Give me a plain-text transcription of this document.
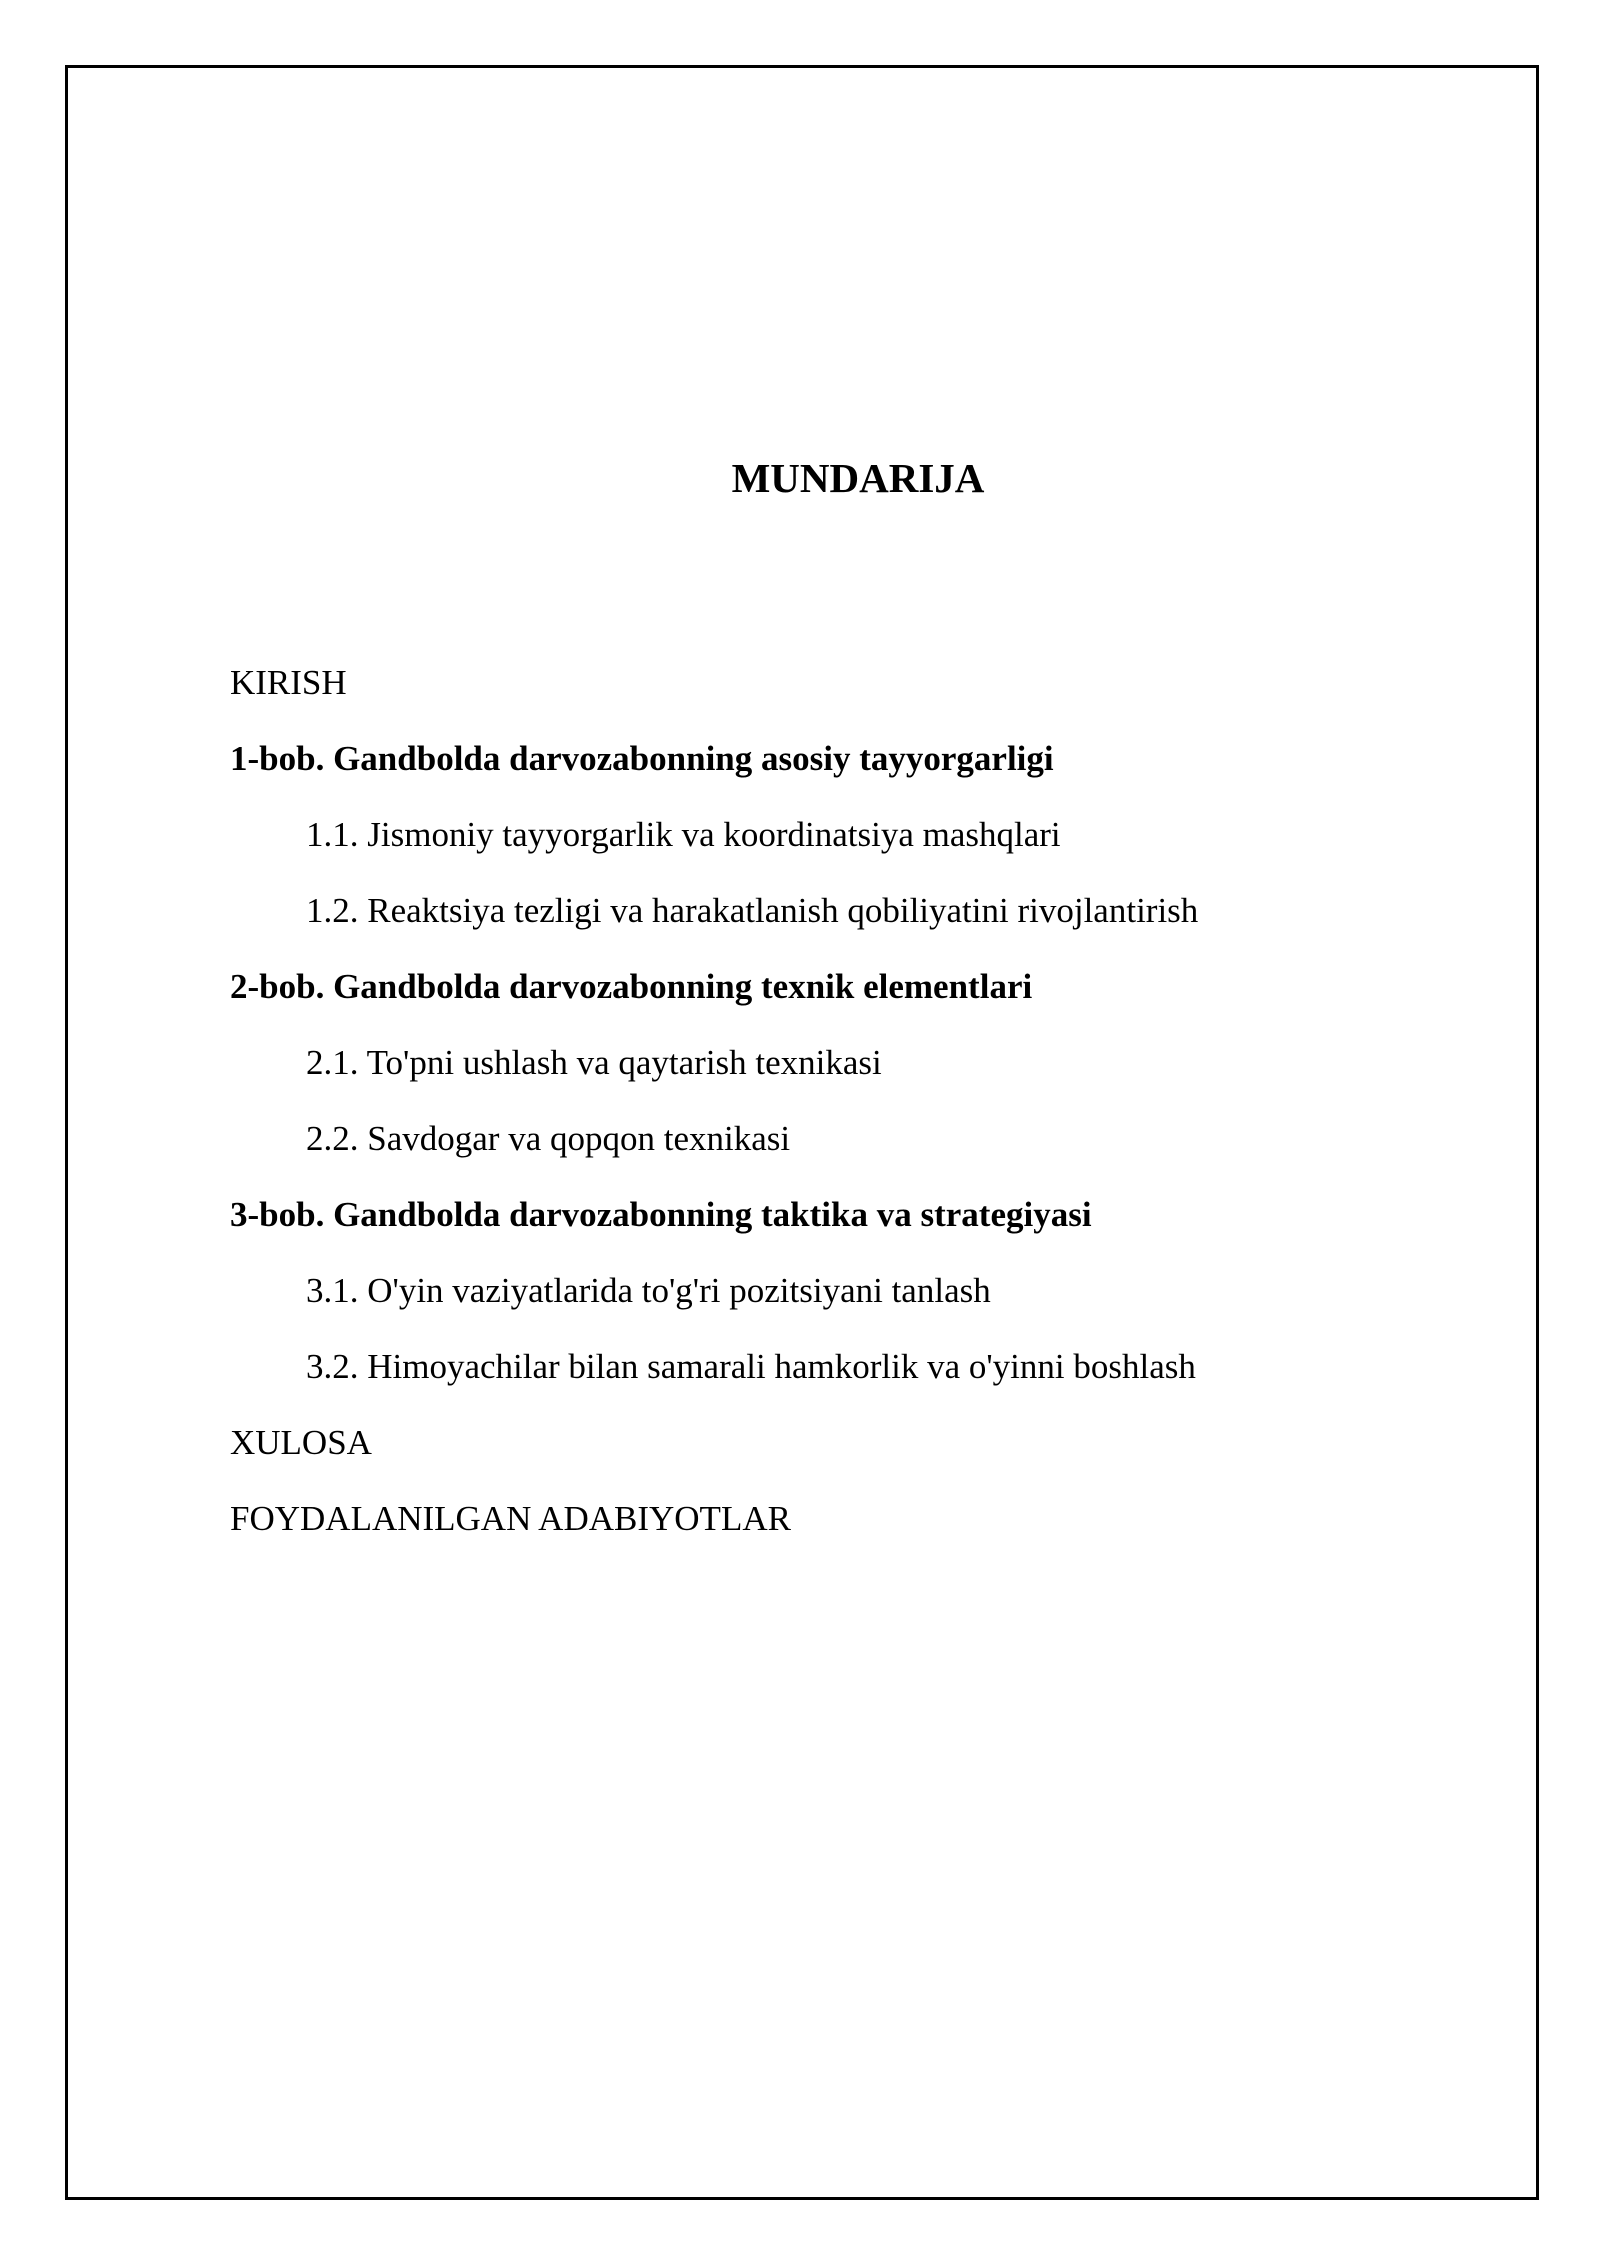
MUNDARIJA
KIRISH
1-bob. Gandbolda darvozabonning asosiy tayyorgarligi
1.1. Jismoniy tayyorgarlik va koordinatsiya mashqlari
1.2. Reaktsiya tezligi va harakatlanish qobiliyatini rivojlantirish
2-bob. Gandbolda darvozabonning texnik elementlari
2.1. To'pni ushlash va qaytarish texnikasi
2.2. Savdogar va qopqon texnikasi
3-bob. Gandbolda darvozabonning taktika va strategiyasi
3.1. O'yin vaziyatlarida to'g'ri pozitsiyani tanlash
3.2. Himoyachilar bilan samarali hamkorlik va o'yinni boshlash
XULOSA
FOYDALANILGAN ADABIYOTLAR
